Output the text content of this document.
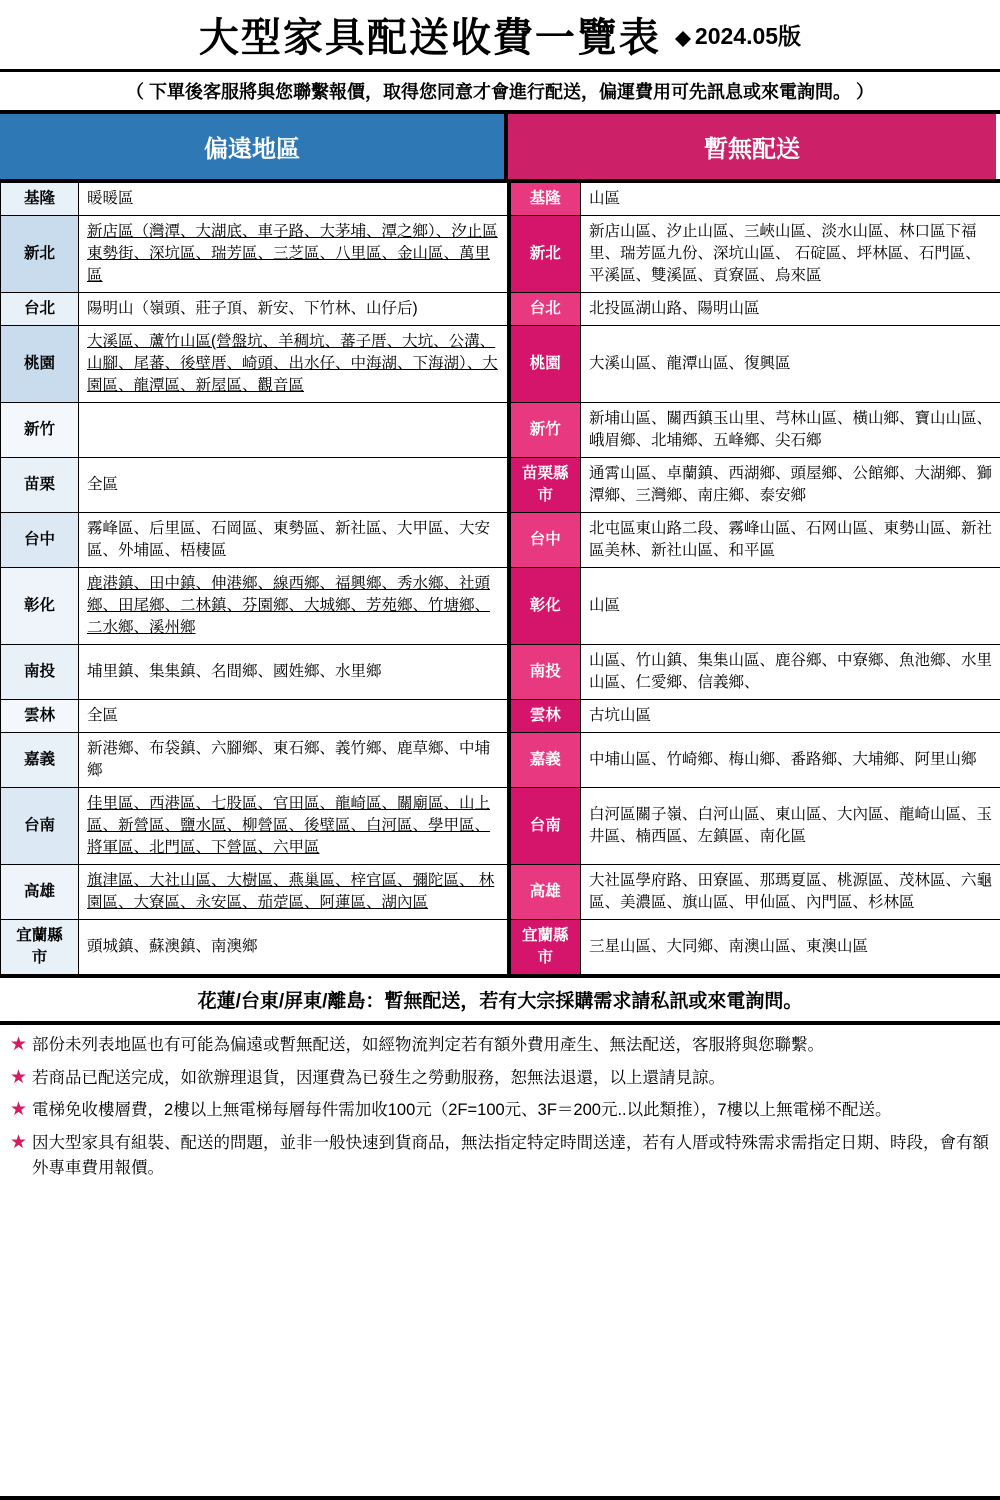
大型家具配送收費一覽表 2024.05版
（ 下單後客服將與您聯繫報價，取得您同意才會進行配送，偏運費用可先訊息或來電詢問。 ）
偏遠地區	暫無配送
基隆	暖暖區	基隆	山區
新北	新店區（灣潭、大湖底、車子路、大茅埔、潭之鄉）、汐止區東勢街、深坑區、瑞芳區、三芝區、八里區、金山區、萬里區	新北	新店山區、汐止山區、三峽山區、淡水山區、林口區下福里、瑞芳區九份、深坑山區、 石碇區、坪林區、石門區、平溪區、雙溪區、貢寮區、烏來區
台北	陽明山（嶺頭、莊子頂、新安、下竹林、山仔后)	台北	北投區湖山路、陽明山區
桃園	大溪區、蘆竹山區(營盤坑、羊稠坑、蕃子厝、大坑、公溝、山腳、尾蕃、後壁厝、崎頭、出水仔、中海湖、下海湖）、大園區、龍潭區、新屋區、觀音區	桃園	大溪山區、龍潭山區、復興區
新竹		新竹	新埔山區、關西鎮玉山里、芎林山區、橫山鄉、寶山山區、峨眉鄉、北埔鄉、五峰鄉、尖石鄉
苗栗	全區	苗栗縣市	通霄山區、卓蘭鎮、西湖鄉、頭屋鄉、公館鄉、大湖鄉、獅潭鄉、三灣鄉、南庄鄉、泰安鄉
台中	霧峰區、后里區、石岡區、東勢區、新社區、大甲區、大安區、外埔區、梧棲區	台中	北屯區東山路二段、霧峰山區、石网山區、東勢山區、新社區美林、新社山區、和平區
彰化	鹿港鎮、田中鎮、伸港鄉、線西鄉、福興鄉、秀水鄉、社頭鄉、田尾鄉、二林鎮、芬園鄉、大城鄉、芳苑鄉、竹塘鄉、二水鄉、溪州鄉	彰化	山區
南投	埔里鎮、集集鎮、名間鄉、國姓鄉、水里鄉	南投	山區、竹山鎮、集集山區、鹿谷鄉、中寮鄉、魚池鄉、水里山區、仁愛鄉、信義鄉、
雲林	全區	雲林	古坑山區
嘉義	新港鄉、布袋鎮、六腳鄉、東石鄉、義竹鄉、鹿草鄉、中埔鄉	嘉義	中埔山區、竹崎鄉、梅山鄉、番路鄉、大埔鄉、阿里山鄉
台南	佳里區、西港區、七股區、官田區、龍崎區、關廟區、山上區、新營區、鹽水區、柳營區、後壁區、白河區、學甲區、將軍區、北門區、下營區、六甲區	台南	白河區關子嶺、白河山區、東山區、大內區、龍崎山區、玉井區、楠西區、左鎮區、南化區
高雄	旗津區、大社山區、大樹區、燕巢區、梓官區、彌陀區、 林園區、大寮區、永安區、茄萣區、阿蓮區、湖內區	高雄	大社區學府路、田寮區、那瑪夏區、桃源區、茂林區、六龜區、美濃區、旗山區、甲仙區、內門區、杉林區
宜蘭縣市	頭城鎮、蘇澳鎮、南澳鄉	宜蘭縣市	三星山區、大同鄉、南澳山區、東澳山區
花蓮/台東/屏東/離島：暫無配送，若有大宗採購需求請私訊或來電詢問。
★ 部份未列表地區也有可能為偏遠或暫無配送，如經物流判定若有額外費用產生、無法配送，客服將與您聯繫。
★ 若商品已配送完成，如欲辦理退貨，因運費為已發生之勞動服務，恕無法退還，以上還請見諒。
★ 電梯免收樓層費，2樓以上無電梯每層每件需加收100元（2F=100元、3F＝200元..以此類推），7樓以上無電梯不配送。
★ 因大型家具有組裝、配送的問題，並非一般快速到貨商品，無法指定特定時間送達，若有人厝或特殊需求需指定日期、時段，會有額外專車費用報價。
